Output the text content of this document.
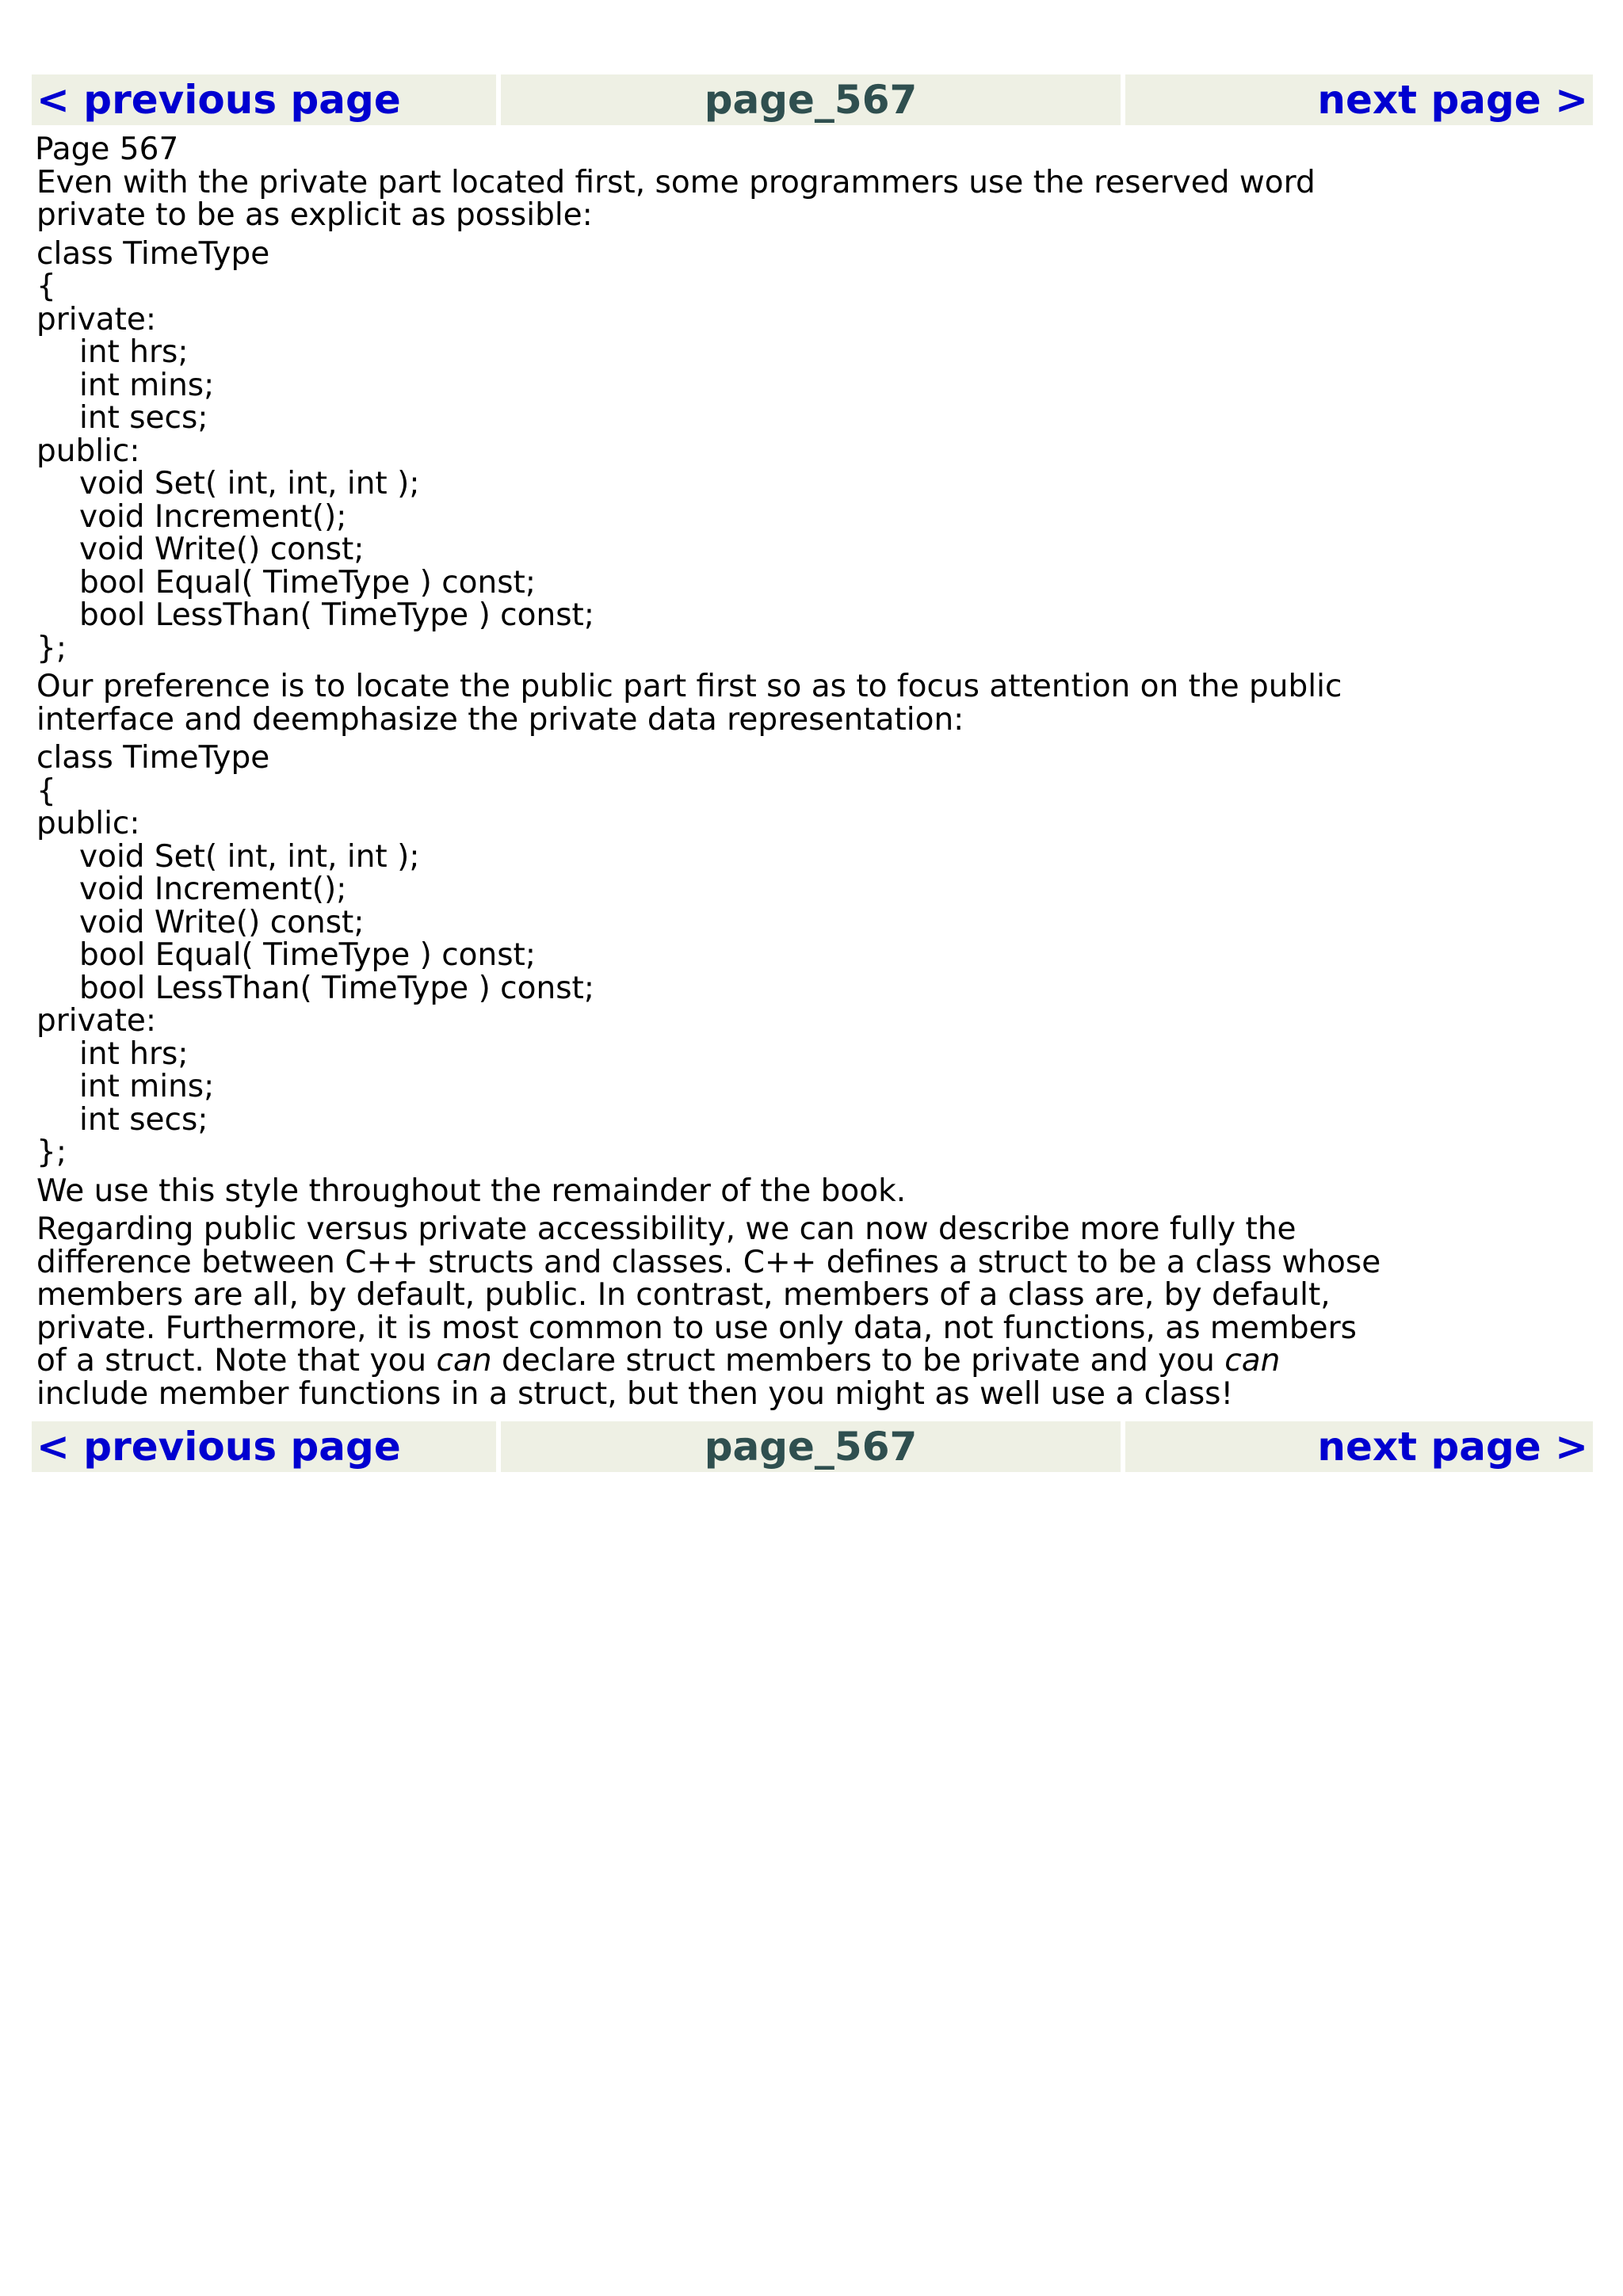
< previous page	page_567	next page >
Page 567

Even with the private part located first, some programmers use the reserved word private to be as explicit as possible:

class TimeType
{
private:
int hrs;
int mins;
int secs;
public:
void Set( int, int, int );
void Increment();
void Write() const;
bool Equal( TimeType ) const;
bool LessThan( TimeType ) const;
};

Our preference is to locate the public part first so as to focus attention on the public interface and deemphasize the private data representation:

class TimeType
{
public:
void Set( int, int, int );
void Increment();
void Write() const;
bool Equal( TimeType ) const;
bool LessThan( TimeType ) const;
private:
int hrs;
int mins;
int secs;
};

We use this style throughout the remainder of the book.

Regarding public versus private accessibility, we can now describe more fully the difference between C++ structs and classes. C++ defines a struct to be a class whose members are all, by default, public. In contrast, members of a class are, by default, private. Furthermore, it is most common to use only data, not functions, as members of a struct. Note that you can declare struct members to be private and you can include member functions in a struct, but then you might as well use a class!

< previous page	page_567	next page >
